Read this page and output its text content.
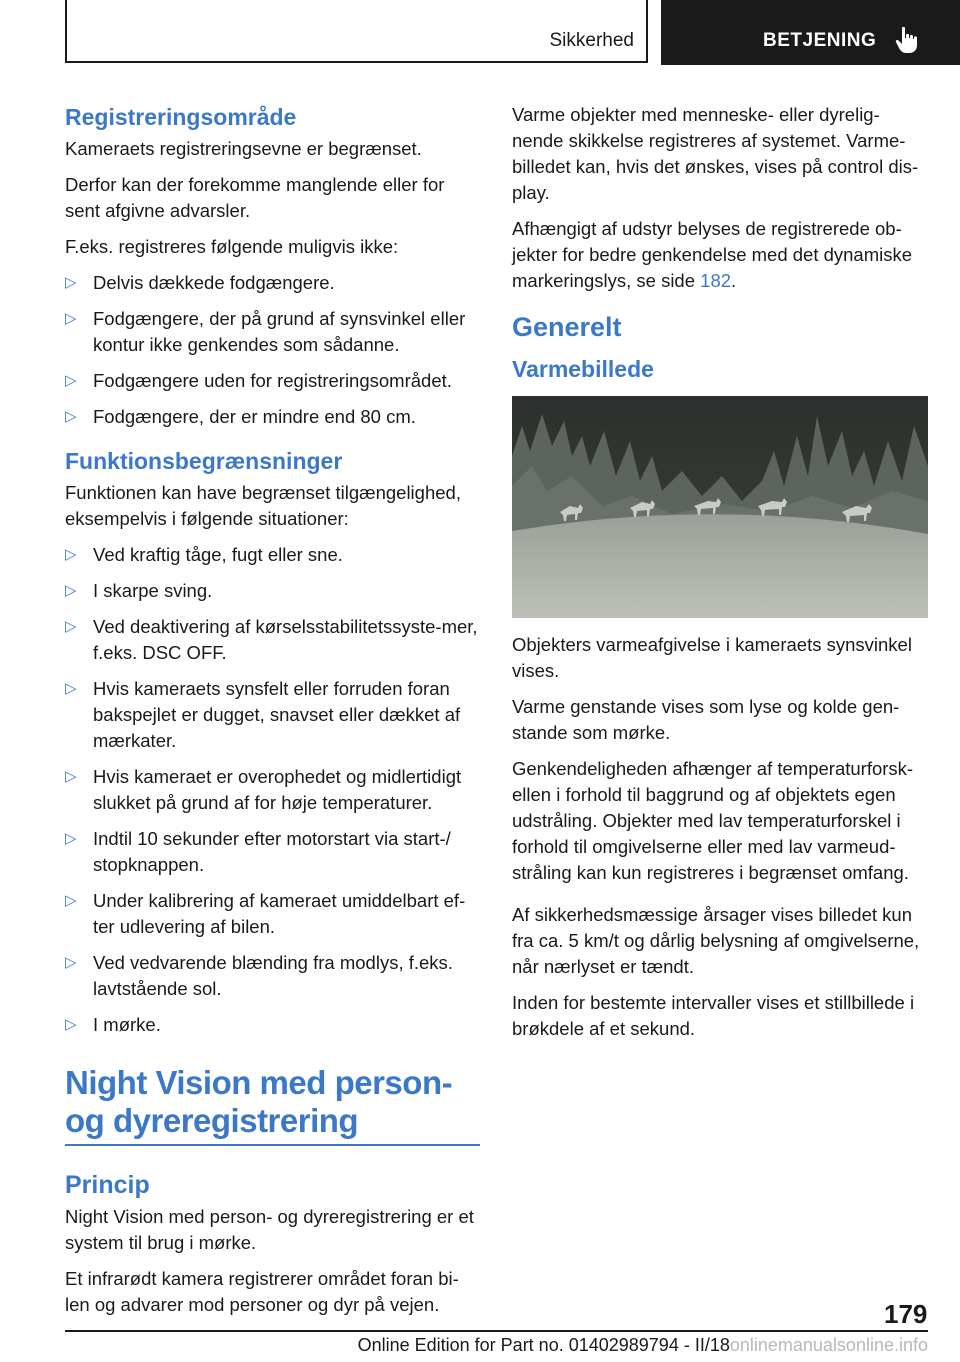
Sikkerhed	BETJENING
Registreringsområde

Kameraets registreringsevne er begrænset.

Derfor kan der forekomme manglende eller for sent afgivne advarsler.

F.eks. registreres følgende muligvis ikke:

▷ Delvis dækkede fodgængere.
▷ Fodgængere, der på grund af synsvinkel eller kontur ikke genkendes som sådanne.
▷ Fodgængere uden for registreringsområdet.
▷ Fodgængere, der er mindre end 80 cm.
Funktionsbegrænsninger

Funktionen kan have begrænset tilgængelighed, eksempelvis i følgende situationer:

▷ Ved kraftig tåge, fugt eller sne.
▷ I skarpe sving.
▷ Ved deaktivering af kørselsstabilitetssyste-mer, f.eks. DSC OFF.
▷ Hvis kameraets synsfelt eller forruden foran bakspejlet er dugget, snavset eller dækket af mærkater.
▷ Hvis kameraet er overophedet og midlertidigt slukket på grund af for høje temperaturer.
▷ Indtil 10 sekunder efter motorstart via start-/ stopknappen.
▷ Under kalibrering af kameraet umiddelbart ef-ter udlevering af bilen.
▷ Ved vedvarende blænding fra modlys, f.eks. lavtstående sol.
▷ I mørke.
Night Vision med person-og dyreregistrering
Princip

Night Vision med person- og dyreregistrering er et system til brug i mørke.

Et infrarødt kamera registrerer området foran bi-len og advarer mod personer og dyr på vejen.

Varme objekter med menneske- eller dyrelig-nende skikkelse registreres af systemet. Varme-billedet kan, hvis det ønskes, vises på control dis-play.

Afhængigt af udstyr belyses de registrerede ob-jekter for bedre genkendelse med det dynamiske markeringslys, se side 182.

Generelt
Varmebillede

Objekters varmeafgivelse i kameraets synsvinkel vises.

Varme genstande vises som lyse og kolde gen-stande som mørke.

Genkendeligheden afhænger af temperaturforsk-ellen i forhold til baggrund og af objektets egen udstråling. Objekter med lav temperaturforskel i forhold til omgivelserne eller med lav varmeud-stråling kan kun registreres i begrænset omfang.

Af sikkerhedsmæssige årsager vises billedet kun fra ca. 5 km/t og dårlig belysning af omgivelserne, når nærlyset er tændt.

Inden for bestemte intervaller vises et stillbillede i brøkdele af et sekund.

179
Online Edition for Part no. 01402989794 - II/18onlinemanualsonline.info
